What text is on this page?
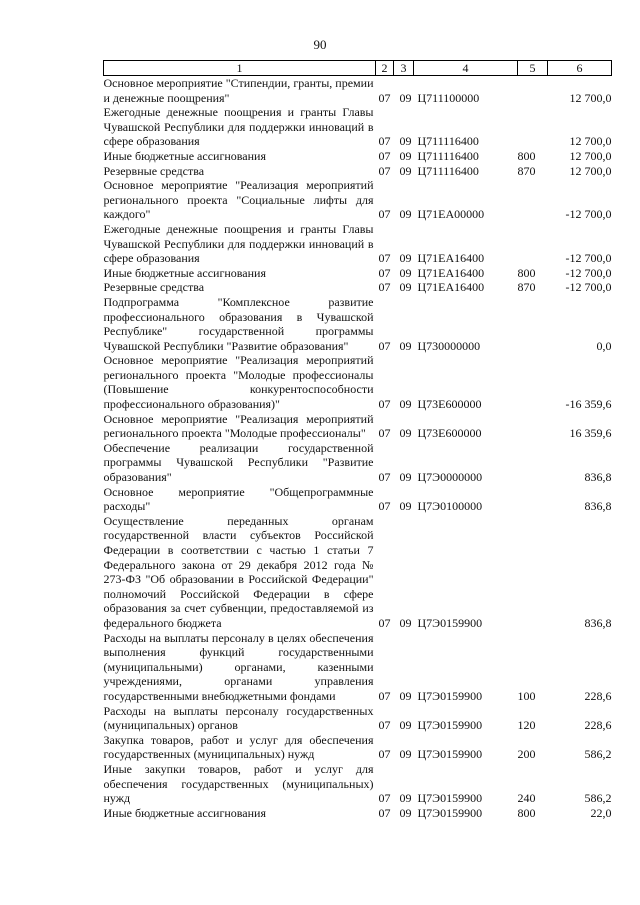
90
1	2	3	4	5	6
Основное мероприятие "Стипендии, гранты, премии и денежные поощрения"	07	09	Ц711100000		12 700,0
Ежегодные денежные поощрения и гранты Главы Чувашской Республики для поддержки инноваций в сфере образования	07	09	Ц711116400		12 700,0
Иные бюджетные ассигнования	07	09	Ц711116400	800	12 700,0
Резервные средства	07	09	Ц711116400	870	12 700,0
Основное мероприятие "Реализация мероприятий регионального проекта "Социальные лифты для каждого"	07	09	Ц71ЕА00000		-12 700,0
Ежегодные денежные поощрения и гранты Главы Чувашской Республики для поддержки инноваций в сфере образования	07	09	Ц71ЕА16400		-12 700,0
Иные бюджетные ассигнования	07	09	Ц71ЕА16400	800	-12 700,0
Резервные средства	07	09	Ц71ЕА16400	870	-12 700,0
Подпрограмма "Комплексное развитие профессионального образования в Чувашской Республике" государственной программы Чувашской Республики "Развитие образования"	07	09	Ц730000000		0,0
Основное мероприятие "Реализация мероприятий регионального проекта "Молодые профессионалы (Повышение конкурентоспособности профессионального образования)"	07	09	Ц73Е600000		-16 359,6
Основное мероприятие "Реализация мероприятий регионального проекта "Молодые профессионалы"	07	09	Ц73Е600000		16 359,6
Обеспечение реализации государственной программы Чувашской Республики "Развитие образования"	07	09	Ц7Э0000000		836,8
Основное мероприятие "Общепрограммные расходы"	07	09	Ц7Э0100000		836,8
Осуществление переданных органам государственной власти субъектов Российской Федерации в соответствии с частью 1 статьи 7 Федерального закона от 29 декабря 2012 года № 273-ФЗ "Об образовании в Российской Федерации" полномочий Российской Федерации в сфере образования за счет субвенции, предоставляемой из федерального бюджета	07	09	Ц7Э0159900		836,8
Расходы на выплаты персоналу в целях обеспечения выполнения функций государственными (муниципальными) органами, казенными учреждениями, органами управления государственными внебюджетными фондами	07	09	Ц7Э0159900	100	228,6
Расходы на выплаты персоналу государственных (муниципальных) органов	07	09	Ц7Э0159900	120	228,6
Закупка товаров, работ и услуг для обеспечения государственных (муниципальных) нужд	07	09	Ц7Э0159900	200	586,2
Иные закупки товаров, работ и услуг для обеспечения государственных (муниципальных) нужд	07	09	Ц7Э0159900	240	586,2
Иные бюджетные ассигнования	07	09	Ц7Э0159900	800	22,0
